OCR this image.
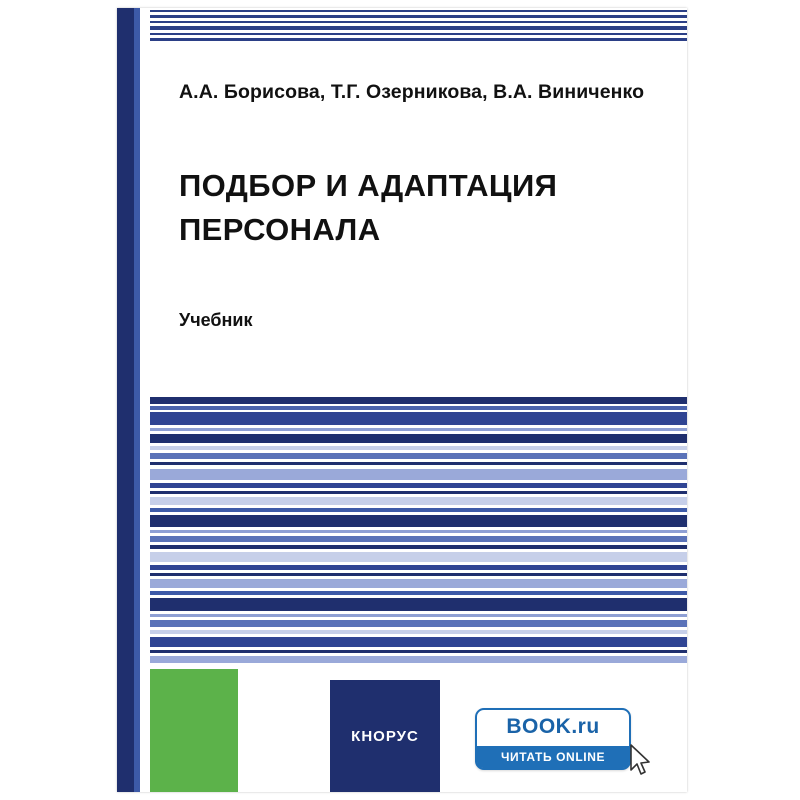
А.А. Борисова, Т.Г. Озерникова, В.А. Виниченко
ПОДБОР И АДАПТАЦИЯ ПЕРСОНАЛА
Учебник
КНОРУС	BOOK.ru
ЧИТАТЬ ONLINE
